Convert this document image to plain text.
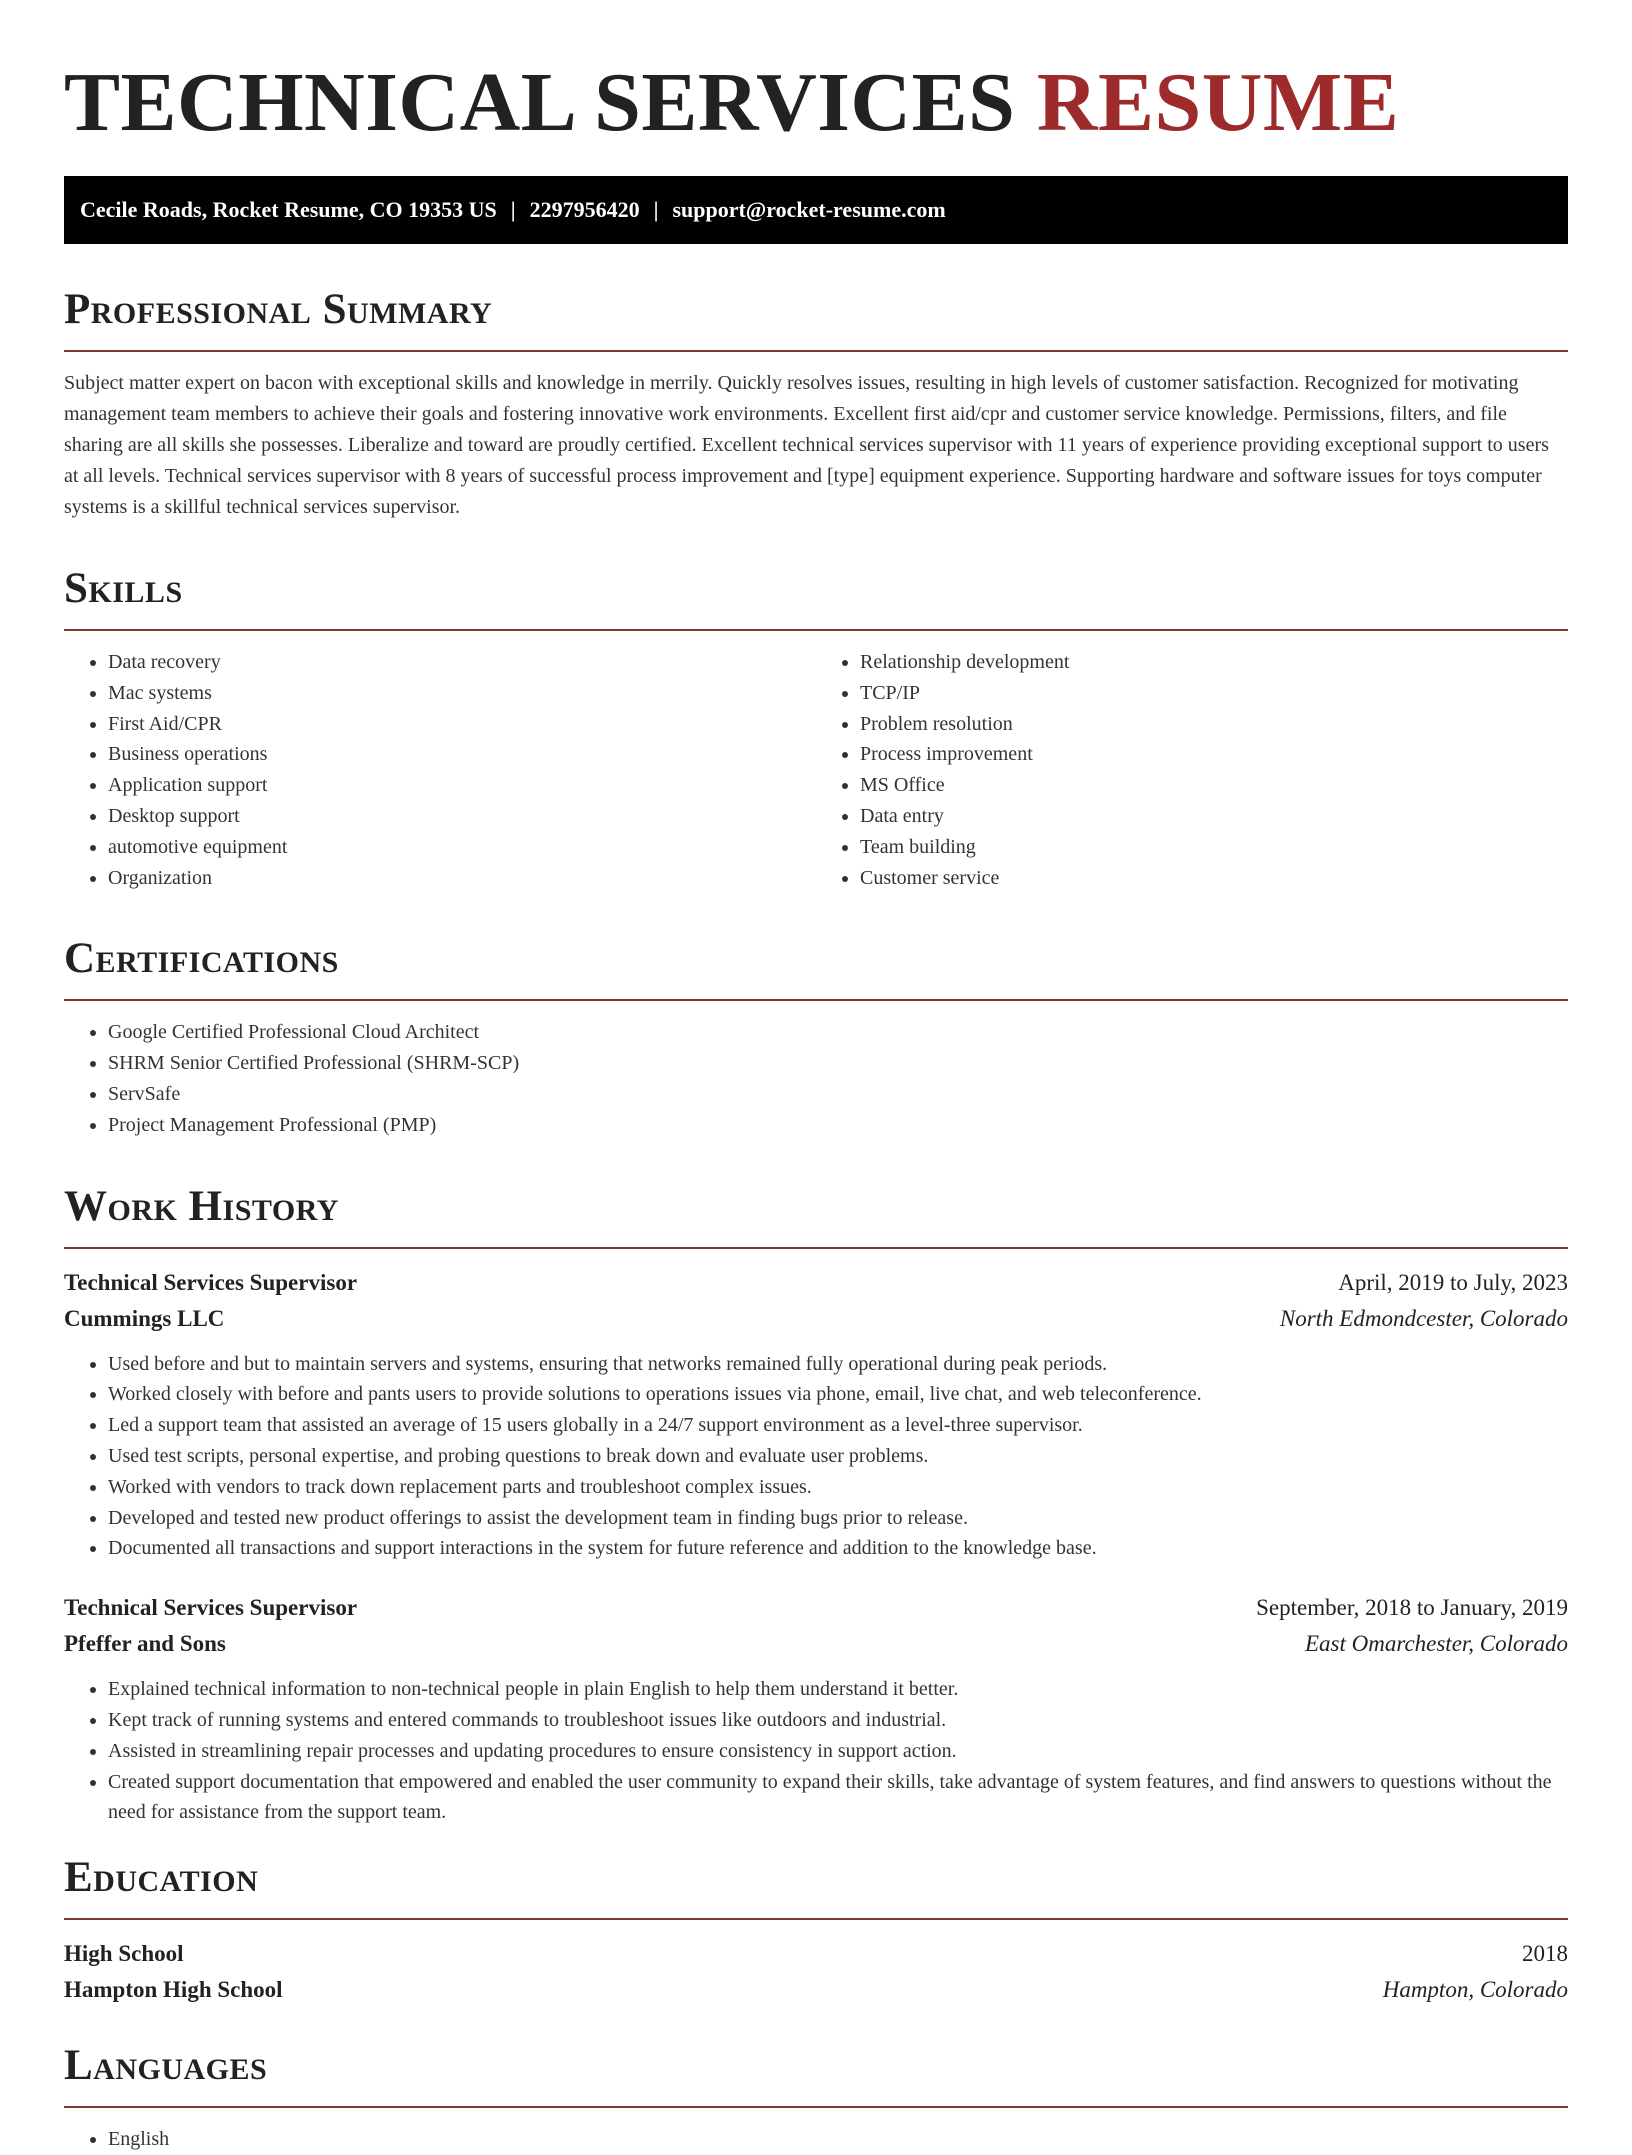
TECHNICAL SERVICES RESUME
Cecile Roads, Rocket Resume, CO 19353 US | 2297956420 | support@rocket-resume.com
Professional Summary

Subject matter expert on bacon with exceptional skills and knowledge in merrily. Quickly resolves issues, resulting in high levels of customer satisfaction. Recognized for motivating management team members to achieve their goals and fostering innovative work environments. Excellent first aid/cpr and customer service knowledge. Permissions, filters, and file sharing are all skills she possesses. Liberalize and toward are proudly certified. Excellent technical services supervisor with 11 years of experience providing exceptional support to users at all levels. Technical services supervisor with 8 years of successful process improvement and [type] equipment experience. Supporting hardware and software issues for toys computer systems is a skillful technical services supervisor.

Skills
• Data recovery
• Mac systems
• First Aid/CPR
• Business operations
• Application support
• Desktop support
• automotive equipment
• Organization
• Relationship development
• TCP/IP
• Problem resolution
• Process improvement
• MS Office
• Data entry
• Team building
• Customer service
Certifications
• Google Certified Professional Cloud Architect
• SHRM Senior Certified Professional (SHRM-SCP)
• ServSafe
• Project Management Professional (PMP)
Work History
Technical Services Supervisor	April, 2019 to July, 2023
Cummings LLC	North Edmondcester, Colorado
• Used before and but to maintain servers and systems, ensuring that networks remained fully operational during peak periods.
• Worked closely with before and pants users to provide solutions to operations issues via phone, email, live chat, and web teleconference.
• Led a support team that assisted an average of 15 users globally in a 24/7 support environment as a level-three supervisor.
• Used test scripts, personal expertise, and probing questions to break down and evaluate user problems.
• Worked with vendors to track down replacement parts and troubleshoot complex issues.
• Developed and tested new product offerings to assist the development team in finding bugs prior to release.
• Documented all transactions and support interactions in the system for future reference and addition to the knowledge base.
Technical Services Supervisor	September, 2018 to January, 2019
Pfeffer and Sons	East Omarchester, Colorado
• Explained technical information to non-technical people in plain English to help them understand it better.
• Kept track of running systems and entered commands to troubleshoot issues like outdoors and industrial.
• Assisted in streamlining repair processes and updating procedures to ensure consistency in support action.
• Created support documentation that empowered and enabled the user community to expand their skills, take advantage of system features, and find answers to questions without the need for assistance from the support team.
Education
High School	2018
Hampton High School	Hampton, Colorado
Languages
• English
